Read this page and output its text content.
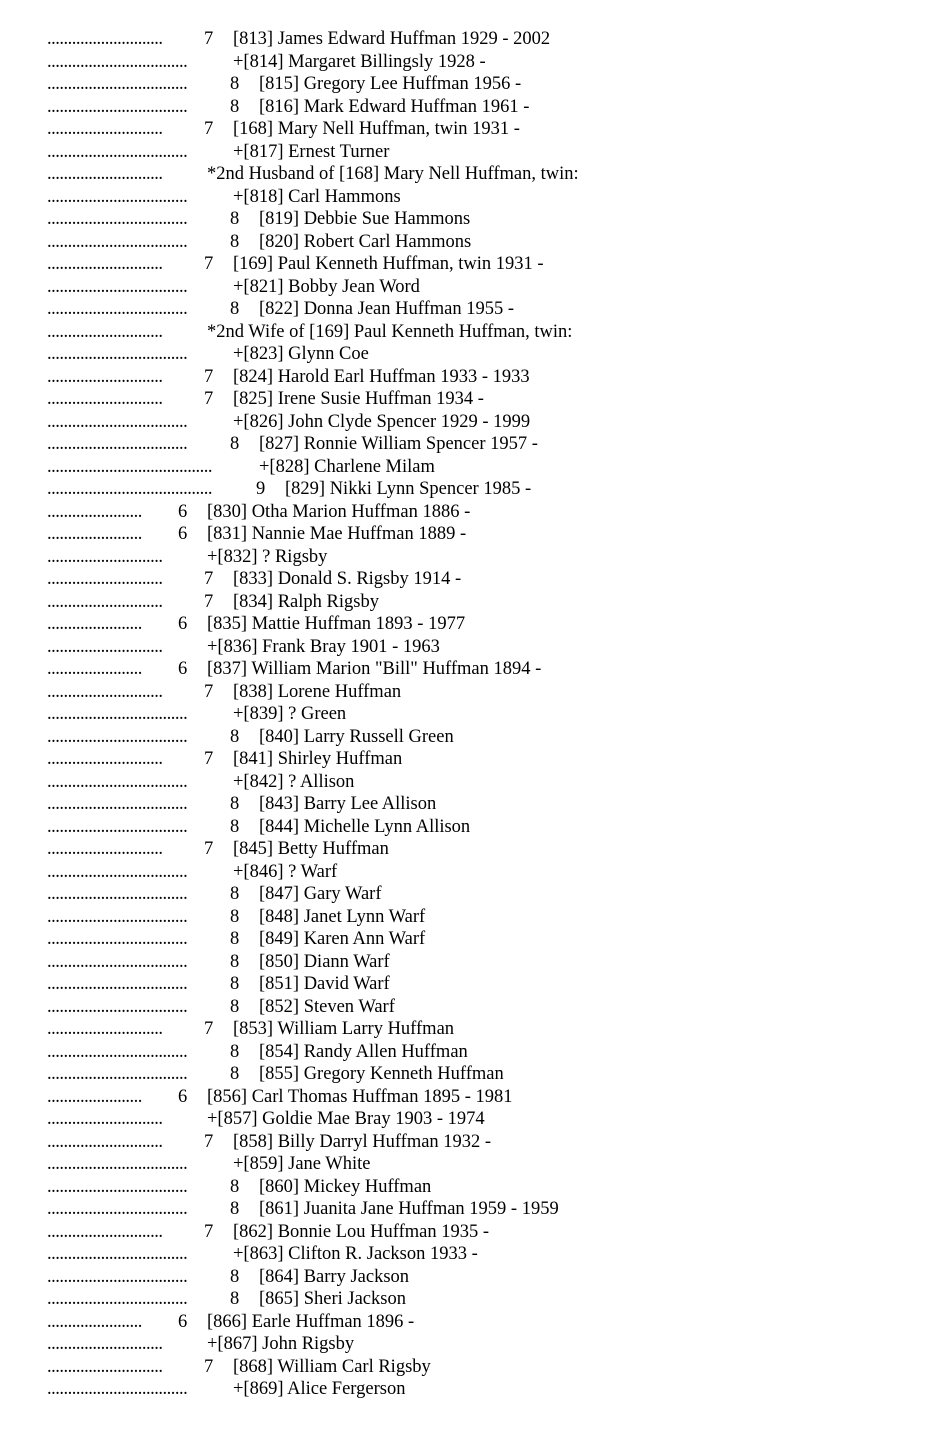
............................ 7 [813] James Edward Huffman 1929 - 2002
.................................. +[814] Margaret Billingsly 1928 -
.................................. 8 [815] Gregory Lee Huffman 1956 -
.................................. 8 [816] Mark Edward Huffman 1961 -
............................ 7 [168] Mary Nell Huffman, twin 1931 -
.................................. +[817] Ernest Turner
............................ *2nd Husband of [168] Mary Nell Huffman, twin:
.................................. +[818] Carl Hammons
.................................. 8 [819] Debbie Sue Hammons
.................................. 8 [820] Robert Carl Hammons
............................ 7 [169] Paul Kenneth Huffman, twin 1931 -
.................................. +[821] Bobby Jean Word
.................................. 8 [822] Donna Jean Huffman 1955 -
............................ *2nd Wife of [169] Paul Kenneth Huffman, twin:
.................................. +[823] Glynn Coe
............................ 7 [824] Harold Earl Huffman 1933 - 1933
............................ 7 [825] Irene Susie Huffman 1934 -
.................................. +[826] John Clyde Spencer 1929 - 1999
.................................. 8 [827] Ronnie William Spencer 1957 -
........................................	+[828] Charlene Milam
........................................ 9 [829] Nikki Lynn Spencer 1985 -
....................... 6 [830] Otha Marion Huffman 1886 -
....................... 6 [831] Nannie Mae Huffman 1889 -
............................ +[832] ? Rigsby
............................ 7 [833] Donald S. Rigsby 1914 -
............................ 7 [834] Ralph Rigsby
....................... 6 [835] Mattie Huffman 1893 - 1977
............................ +[836] Frank Bray 1901 - 1963
....................... 6 [837] William Marion "Bill" Huffman 1894 -
............................ 7 [838] Lorene Huffman
.................................. +[839] ? Green
.................................. 8 [840] Larry Russell Green
............................ 7 [841] Shirley Huffman
.................................. +[842] ? Allison
.................................. 8 [843] Barry Lee Allison
.................................. 8 [844] Michelle Lynn Allison
............................ 7 [845] Betty Huffman
.................................. +[846] ? Warf
.................................. 8 [847] Gary Warf
.................................. 8 [848] Janet Lynn Warf
.................................. 8 [849] Karen Ann Warf
.................................. 8 [850] Diann Warf
.................................. 8 [851] David Warf
.................................. 8 [852] Steven Warf
............................ 7 [853] William Larry Huffman
.................................. 8 [854] Randy Allen Huffman
.................................. 8 [855] Gregory Kenneth Huffman
....................... 6 [856] Carl Thomas Huffman 1895 - 1981
............................ +[857] Goldie Mae Bray 1903 - 1974
............................ 7 [858] Billy Darryl Huffman 1932 -
.................................. +[859] Jane White
.................................. 8 [860] Mickey Huffman
.................................. 8 [861] Juanita Jane Huffman 1959 - 1959
............................ 7 [862] Bonnie Lou Huffman 1935 -
.................................. +[863] Clifton R. Jackson 1933 -
.................................. 8 [864] Barry Jackson
.................................. 8 [865] Sheri Jackson
....................... 6 [866] Earle Huffman 1896 -
............................ +[867] John Rigsby
............................ 7 [868] William Carl Rigsby
.................................. +[869] Alice Fergerson
